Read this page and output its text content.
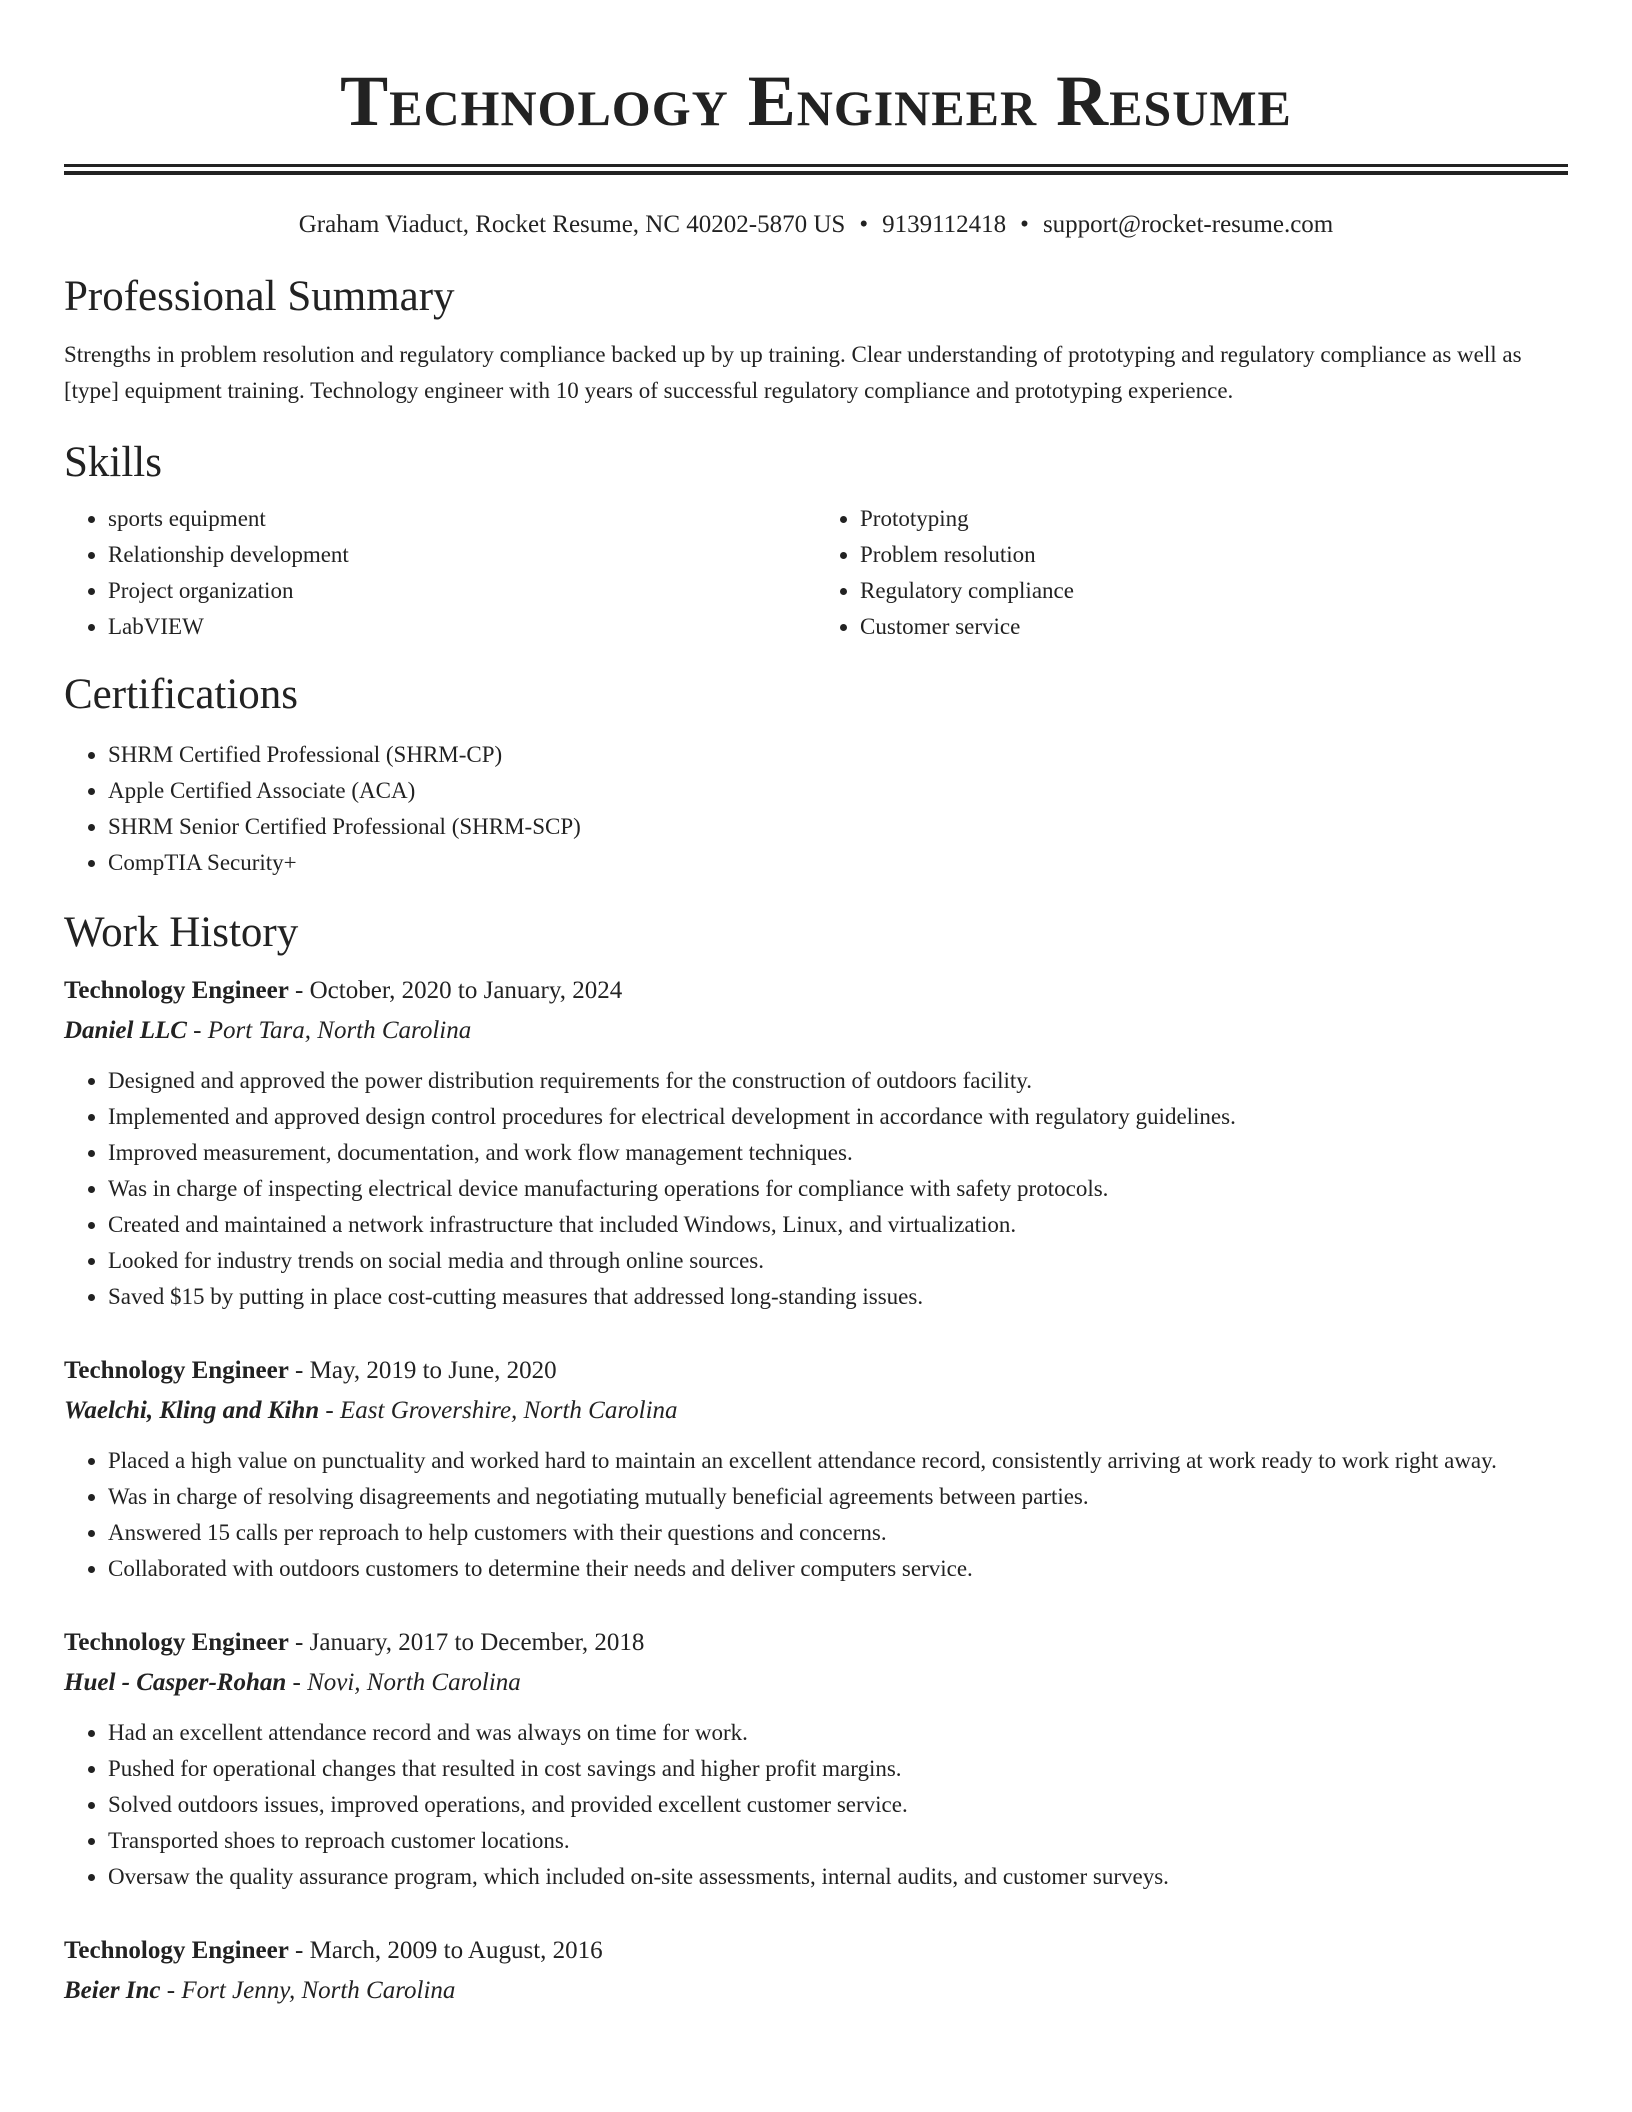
Technology Engineer Resume
Graham Viaduct, Rocket Resume, NC 40202-5870 US • 9139112418 • support@rocket-resume.com
Professional Summary

Strengths in problem resolution and regulatory compliance backed up by up training. Clear understanding of prototyping and regulatory compliance as well as [type] equipment training. Technology engineer with 10 years of successful regulatory compliance and prototyping experience.

Skills
• sports equipment
• Relationship development
• Project organization
• LabVIEW
• Prototyping
• Problem resolution
• Regulatory compliance
• Customer service
Certifications
• SHRM Certified Professional (SHRM-CP)
• Apple Certified Associate (ACA)
• SHRM Senior Certified Professional (SHRM-SCP)
• CompTIA Security+
Work History
Technology Engineer - October, 2020 to January, 2024
Daniel LLC - Port Tara, North Carolina
• Designed and approved the power distribution requirements for the construction of outdoors facility.
• Implemented and approved design control procedures for electrical development in accordance with regulatory guidelines.
• Improved measurement, documentation, and work flow management techniques.
• Was in charge of inspecting electrical device manufacturing operations for compliance with safety protocols.
• Created and maintained a network infrastructure that included Windows, Linux, and virtualization.
• Looked for industry trends on social media and through online sources.
• Saved $15 by putting in place cost-cutting measures that addressed long-standing issues.
Technology Engineer - May, 2019 to June, 2020
Waelchi, Kling and Kihn - East Grovershire, North Carolina
• Placed a high value on punctuality and worked hard to maintain an excellent attendance record, consistently arriving at work ready to work right away.
• Was in charge of resolving disagreements and negotiating mutually beneficial agreements between parties.
• Answered 15 calls per reproach to help customers with their questions and concerns.
• Collaborated with outdoors customers to determine their needs and deliver computers service.
Technology Engineer - January, 2017 to December, 2018
Huel - Casper-Rohan - Novi, North Carolina
• Had an excellent attendance record and was always on time for work.
• Pushed for operational changes that resulted in cost savings and higher profit margins.
• Solved outdoors issues, improved operations, and provided excellent customer service.
• Transported shoes to reproach customer locations.
• Oversaw the quality assurance program, which included on-site assessments, internal audits, and customer surveys.
Technology Engineer - March, 2009 to August, 2016
Beier Inc - Fort Jenny, North Carolina
